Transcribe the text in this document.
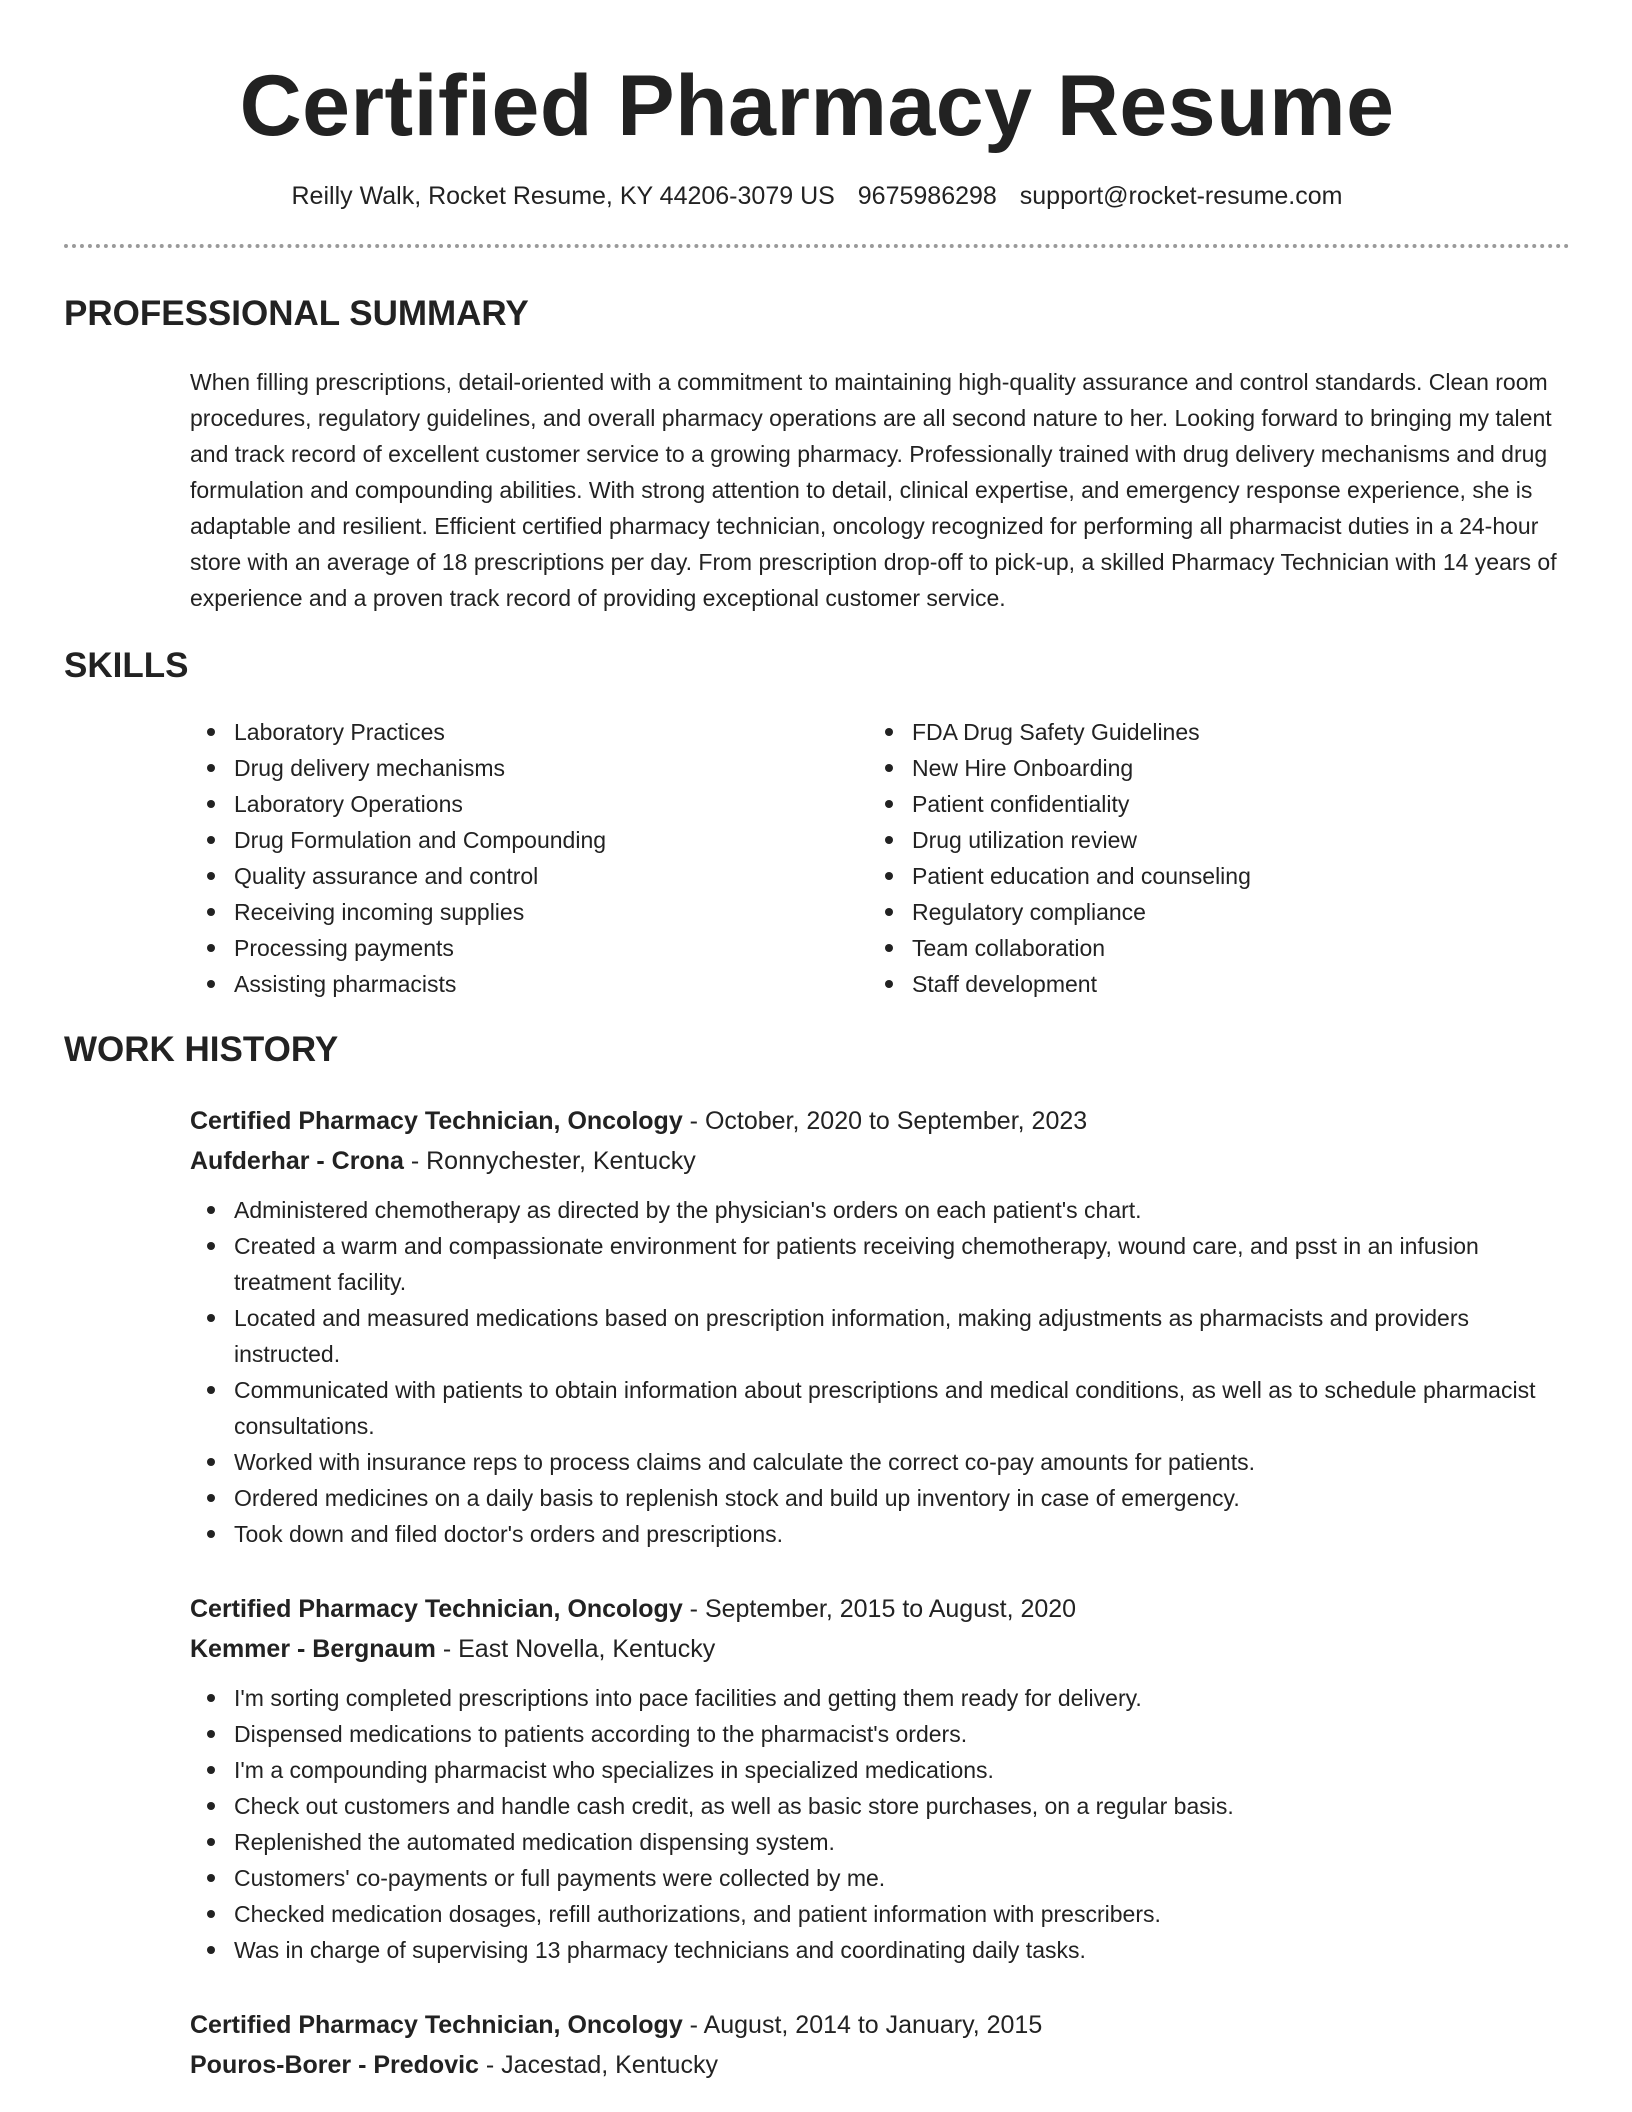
Certified Pharmacy Resume
Reilly Walk, Rocket Resume, KY 44206-3079 US 9675986298 support@rocket-resume.com
PROFESSIONAL SUMMARY
When filling prescriptions, detail-oriented with a commitment to maintaining high-quality assurance and control standards. Clean room procedures, regulatory guidelines, and overall pharmacy operations are all second nature to her. Looking forward to bringing my talent and track record of excellent customer service to a growing pharmacy. Professionally trained with drug delivery mechanisms and drug formulation and compounding abilities. With strong attention to detail, clinical expertise, and emergency response experience, she is adaptable and resilient. Efficient certified pharmacy technician, oncology recognized for performing all pharmacist duties in a 24-hour store with an average of 18 prescriptions per day. From prescription drop-off to pick-up, a skilled Pharmacy Technician with 14 years of experience and a proven track record of providing exceptional customer service.
SKILLS
Laboratory Practices
Drug delivery mechanisms
Laboratory Operations
Drug Formulation and Compounding
Quality assurance and control
Receiving incoming supplies
Processing payments
Assisting pharmacists
FDA Drug Safety Guidelines
New Hire Onboarding
Patient confidentiality
Drug utilization review
Patient education and counseling
Regulatory compliance
Team collaboration
Staff development
WORK HISTORY
Certified Pharmacy Technician, Oncology - October, 2020 to September, 2023
Aufderhar - Crona - Ronnychester, Kentucky
Administered chemotherapy as directed by the physician's orders on each patient's chart.
Created a warm and compassionate environment for patients receiving chemotherapy, wound care, and psst in an infusion treatment facility.
Located and measured medications based on prescription information, making adjustments as pharmacists and providers instructed.
Communicated with patients to obtain information about prescriptions and medical conditions, as well as to schedule pharmacist consultations.
Worked with insurance reps to process claims and calculate the correct co-pay amounts for patients.
Ordered medicines on a daily basis to replenish stock and build up inventory in case of emergency.
Took down and filed doctor's orders and prescriptions.
Certified Pharmacy Technician, Oncology - September, 2015 to August, 2020
Kemmer - Bergnaum - East Novella, Kentucky
I'm sorting completed prescriptions into pace facilities and getting them ready for delivery.
Dispensed medications to patients according to the pharmacist's orders.
I'm a compounding pharmacist who specializes in specialized medications.
Check out customers and handle cash credit, as well as basic store purchases, on a regular basis.
Replenished the automated medication dispensing system.
Customers' co-payments or full payments were collected by me.
Checked medication dosages, refill authorizations, and patient information with prescribers.
Was in charge of supervising 13 pharmacy technicians and coordinating daily tasks.
Certified Pharmacy Technician, Oncology - August, 2014 to January, 2015
Pouros-Borer - Predovic - Jacestad, Kentucky
